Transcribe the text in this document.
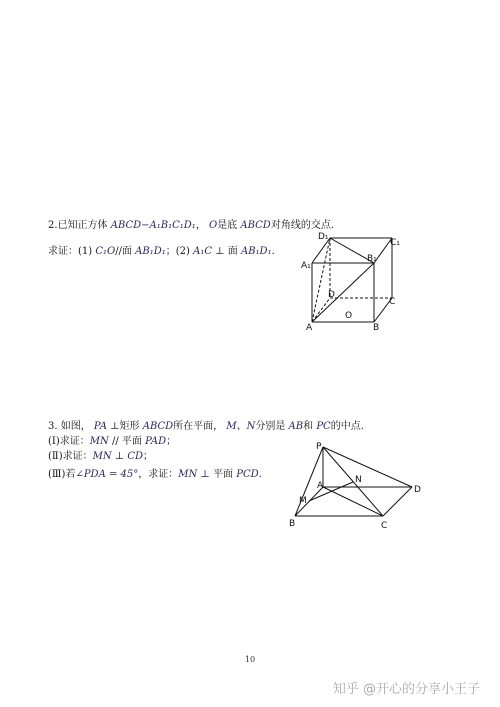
2.已知正方体 ABCD−A₁B₁C₁D₁， O是底 ABCD对角线的交点.
求证：(1) C₁O//面 AB₁D₁；(2) A₁C ⊥ 面 AB₁D₁.
3. 如图， PA ⊥矩形 ABCD所在平面， M、N分别是 AB和 PC的中点.
(Ⅰ)求证：MN // 平面 PAD；
(Ⅱ)求证：MN ⊥ CD；
(Ⅲ)若∠PDA = 45°，求证：MN ⊥ 平面 PCD.
D₁
C₁
A₁
B₁
D
C
A
O
B
P
A
N
D
M
B	C
10
知乎 @开心的分享小王子
